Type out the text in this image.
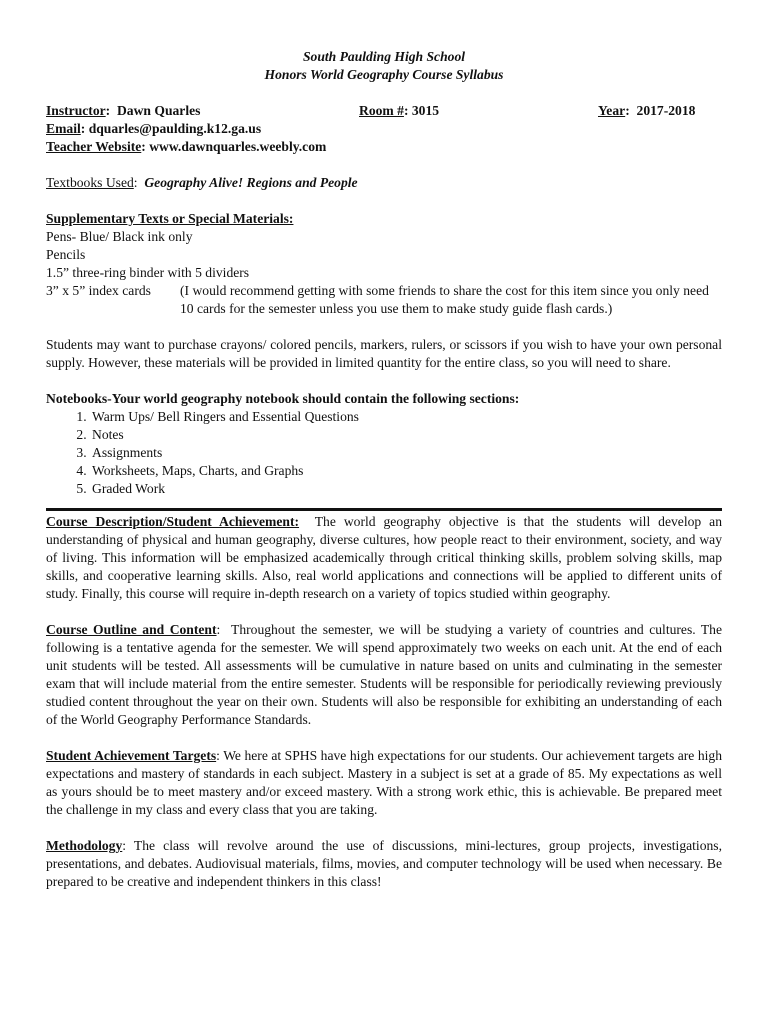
South Paulding High School
Honors World Geography Course Syllabus
Instructor:  Dawn Quarles	Room #: 3015	Year:  2017-2018
Email: dquarles@paulding.k12.ga.us
Teacher Website: www.dawnquarles.weebly.com
Textbooks Used:  Geography Alive! Regions and People
Supplementary Texts or Special Materials:
Pens- Blue/ Black ink only
Pencils
1.5” three-ring binder with 5 dividers
3” x 5” index cards	(I would recommend getting with some friends to share the cost for this item since you only need 10 cards for the semester unless you use them to make study guide flash cards.)

Students may want to purchase crayons/ colored pencils, markers, rulers, or scissors if you wish to have your own personal supply. However, these materials will be provided in limited quantity for the entire class, so you will need to share.

Notebooks-Your world geography notebook should contain the following sections:
1. Warm Ups/ Bell Ringers and Essential Questions
2. Notes
3. Assignments
4. Worksheets, Maps, Charts, and Graphs
5. Graded Work

Course Description/Student Achievement: The world geography objective is that the students will develop an understanding of physical and human geography, diverse cultures, how people react to their environment, society, and way of living. This information will be emphasized academically through critical thinking skills, problem solving skills, map skills, and cooperative learning skills. Also, real world applications and connections will be applied to different units of study. Finally, this course will require in-depth research on a variety of topics studied within geography.

Course Outline and Content:  Throughout the semester, we will be studying a variety of countries and cultures. The following is a tentative agenda for the semester. We will spend approximately two weeks on each unit. At the end of each unit students will be tested. All assessments will be cumulative in nature based on units and culminating in the semester exam that will include material from the entire semester. Students will be responsible for periodically reviewing previously studied content throughout the year on their own. Students will also be responsible for exhibiting an understanding of each of the World Geography Performance Standards.

Student Achievement Targets: We here at SPHS have high expectations for our students. Our achievement targets are high expectations and mastery of standards in each subject. Mastery in a subject is set at a grade of 85. My expectations as well as yours should be to meet mastery and/or exceed mastery. With a strong work ethic, this is achievable. Be prepared meet the challenge in my class and every class that you are taking.

Methodology: The class will revolve around the use of discussions, mini-lectures, group projects, investigations, presentations, and debates. Audiovisual materials, films, movies, and computer technology will be used when necessary. Be prepared to be creative and independent thinkers in this class!
